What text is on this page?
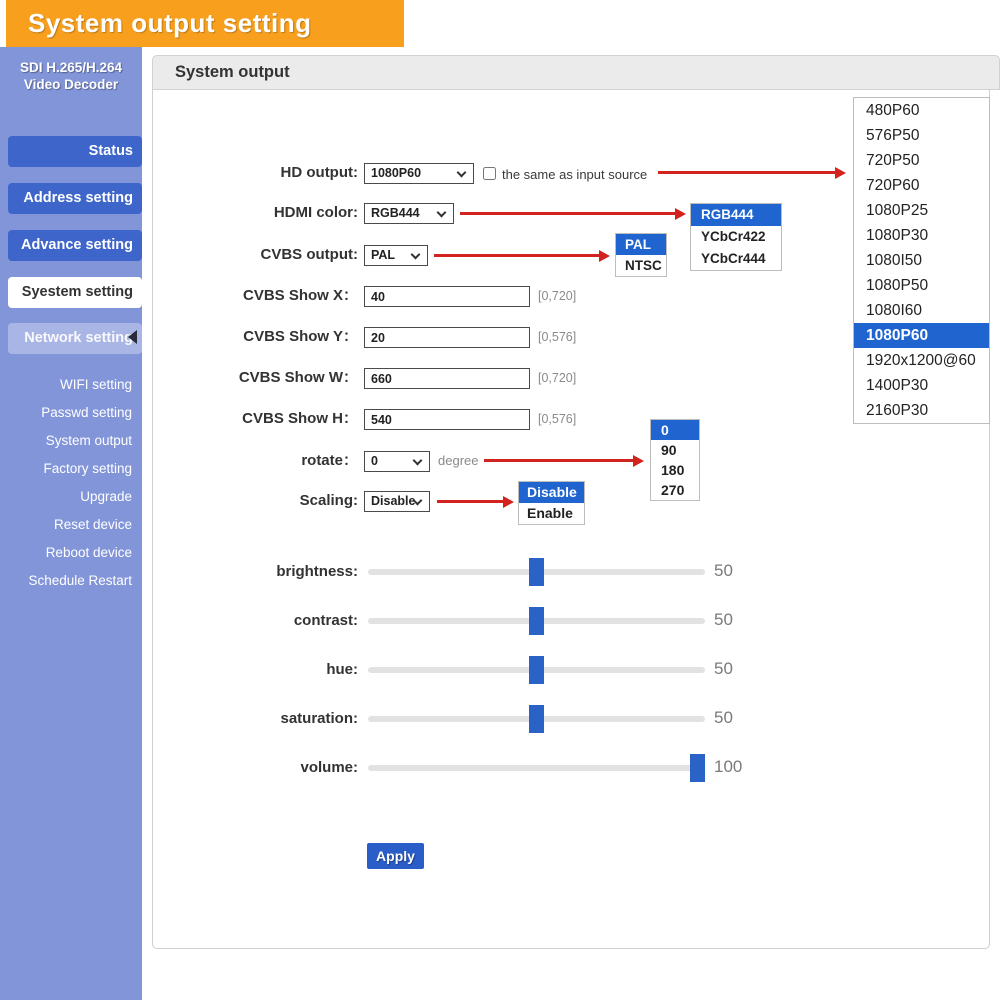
System output setting
SDI H.265/H.264
Video Decoder
Status
Address setting
Advance setting
Syestem setting
Network setting
WIFI setting
Passwd setting
System output
Factory setting
Upgrade
Reset device
Reboot device
Schedule Restart
System output
HD output:	1080P60	the same as input source
HDMI color:	RGB444
CVBS output:	PAL
CVBS Show X：
40	[0,720]
CVBS Show Y：
20	[0,576]
CVBS Show W：
660	[0,720]
CVBS Show H：
540	[0,576]
rotate：	0	degree
Scaling:	Disable
480P60
576P50
720P50
720P60
1080P25
1080P30
1080I50
1080P50
1080I60
1080P60
1920x1200@60
1400P30
2160P30
RGB444
YCbCr422
YCbCr444
PAL
NTSC
0
90
180
270
Disable
Enable
brightness:	50
contrast:	50
hue:	50
saturation:	50
volume:	100
Apply
